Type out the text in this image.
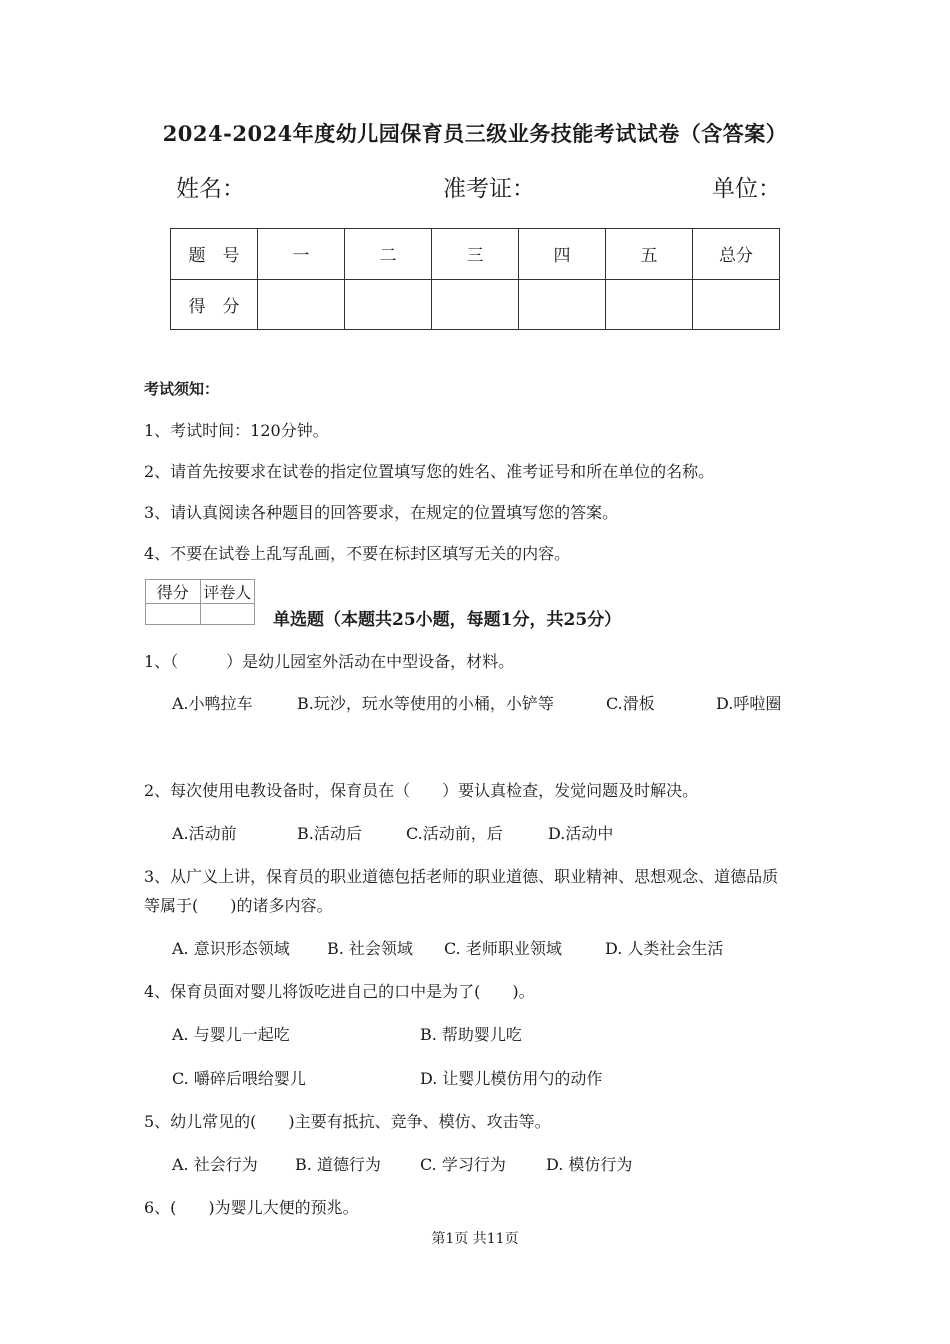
2024-2024年度幼儿园保育员三级业务技能考试试卷（含答案）
姓名：	准考证：	单位：
题　号	一	二	三	四	五	总分
得　分						
考试须知：
1、考试时间：120分钟。
2、请首先按要求在试卷的指定位置填写您的姓名、准考证号和所在单位的名称。
3、请认真阅读各种题目的回答要求，在规定的位置填写您的答案。
4、不要在试卷上乱写乱画，不要在标封区填写无关的内容。
得分	评卷人

单选题（本题共25小题，每题1分，共25分）
1、（　　　）是幼儿园室外活动在中型设备，材料。
A.小鸭拉车	B.玩沙，玩水等使用的小桶，小铲等	C.滑板	D.呼啦圈
2、每次使用电教设备时，保育员在（　　）要认真检查，发觉问题及时解决。
A.活动前	B.活动后	C.活动前，后	D.活动中
3、从广义上讲，保育员的职业道德包括老师的职业道德、职业精神、思想观念、道德品质
等属于(　　)的诸多内容。
A. 意识形态领域 B. 社会领域 C. 老师职业领域	D. 人类社会生活
4、保育员面对婴儿将饭吃进自己的口中是为了(　　)。
A. 与婴儿一起吃	B. 帮助婴儿吃
C. 嚼碎后喂给婴儿	D. 让婴儿模仿用勺的动作
5、幼儿常见的(　　)主要有抵抗、竞争、模仿、攻击等。
A. 社会行为 B. 道德行为 C. 学习行为	D. 模仿行为
6、(　　)为婴儿大便的预兆。
第1页 共11页
